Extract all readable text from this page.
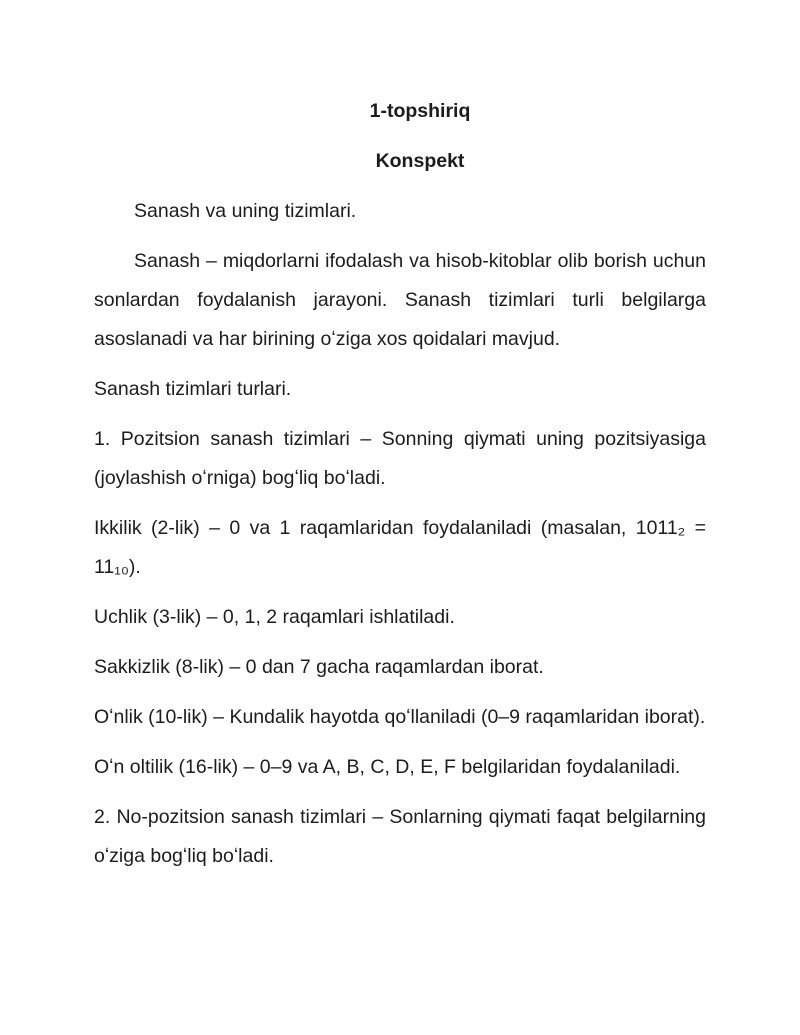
1-topshiriq

Konspekt

Sanash va uning tizimlari.

Sanash – miqdorlarni ifodalash va hisob-kitoblar olib borish uchun sonlardan foydalanish jarayoni. Sanash tizimlari turli belgilarga asoslanadi va har birining oʻziga xos qoidalari mavjud.

Sanash tizimlari turlari.

1. Pozitsion sanash tizimlari – Sonning qiymati uning pozitsiyasiga (joylashish oʻrniga) bogʻliq boʻladi.

Ikkilik (2-lik) – 0 va 1 raqamlaridan foydalaniladi (masalan, 1011₂ = 11₁₀).

Uchlik (3-lik) – 0, 1, 2 raqamlari ishlatiladi.

Sakkizlik (8-lik) – 0 dan 7 gacha raqamlardan iborat.

Oʻnlik (10-lik) – Kundalik hayotda qoʻllaniladi (0–9 raqamlaridan iborat).

Oʻn oltilik (16-lik) – 0–9 va A, B, C, D, E, F belgilaridan foydalaniladi.

2. No-pozitsion sanash tizimlari – Sonlarning qiymati faqat belgilarning oʻziga bogʻliq boʻladi.
